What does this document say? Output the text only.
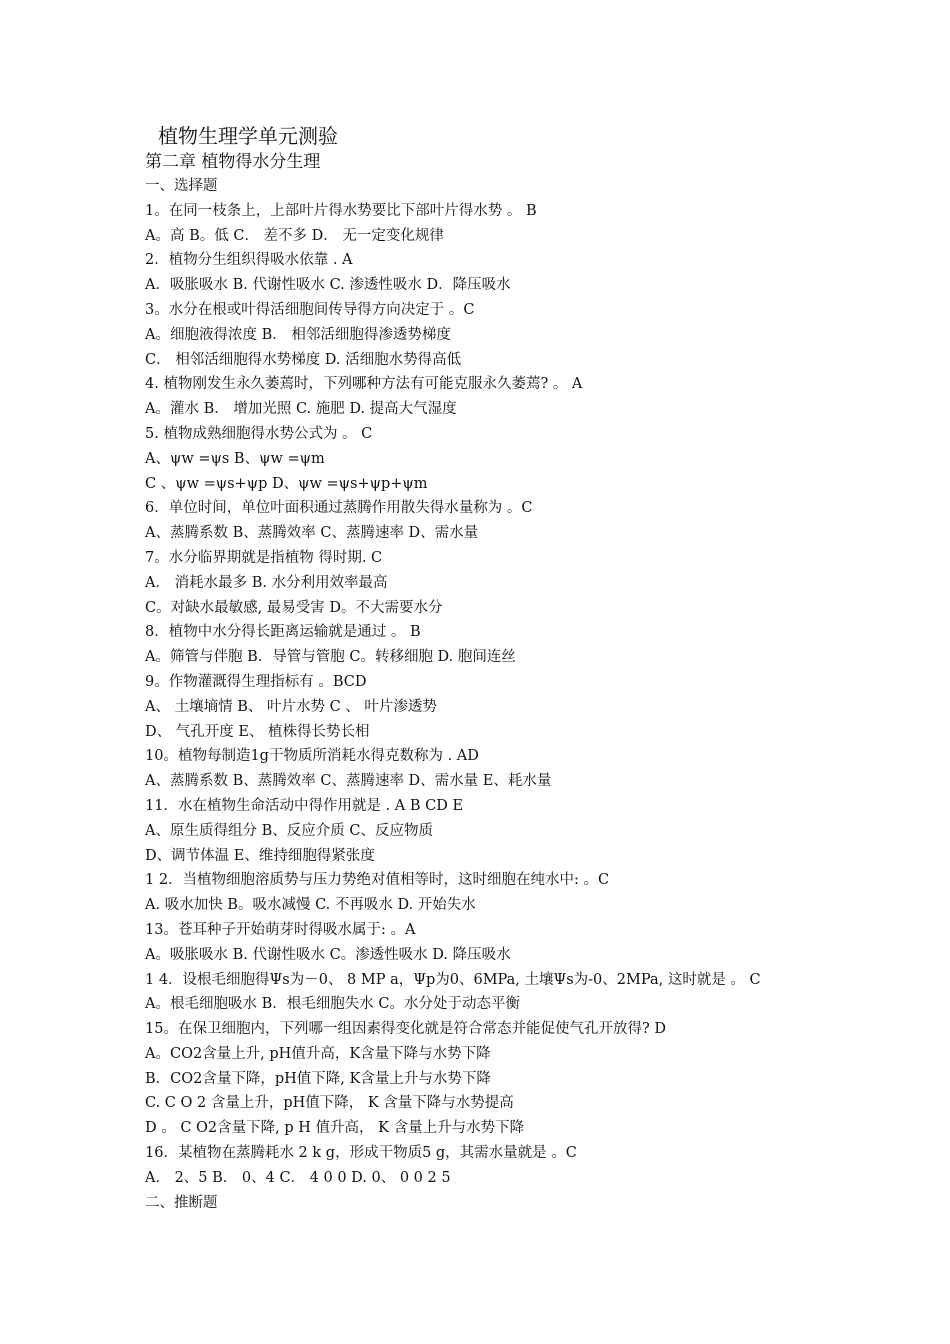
植物生理学单元测验
第二章 植物得水分生理
一、选择题
1。在同一枝条上，上部叶片得水势要比下部叶片得水势 。 B
A。高 B。低 C． 差不多 D． 无一定变化规律
2．植物分生组织得吸水依靠 . A
A．吸胀吸水 B. 代谢性吸水 C. 渗透性吸水 D．降压吸水
3。水分在根或叶得活细胞间传导得方向决定于 。C
A。细胞液得浓度 B． 相邻活细胞得渗透势梯度
C． 相邻活细胞得水势梯度 D. 活细胞水势得高低
4. 植物刚发生永久萎蔫时，下列哪种方法有可能克服永久萎蔫? 。 A
A。灌水 B． 增加光照 C. 施肥 D. 提高大气湿度
5. 植物成熟细胞得水势公式为 。 C
A、ψw =ψs B、ψw =ψm
C 、ψw =ψs+ψp D、ψw =ψs+ψp+ψm
6．单位时间，单位叶面积通过蒸腾作用散失得水量称为 。C
A、蒸腾系数 B、蒸腾效率 C、蒸腾速率 D、需水量
7。水分临界期就是指植物 得时期. C
A． 消耗水最多 B. 水分利用效率最高
C。对缺水最敏感, 最易受害 D。不大需要水分
8．植物中水分得长距离运输就是通过 。 B
A。筛管与伴胞 B．导管与管胞 C。转移细胞 D. 胞间连丝
9。作物灌溉得生理指标有 。BCD
A、 土壤墒情 B、 叶片水势 C 、 叶片渗透势
D、 气孔开度 E、 植株得长势长相
10。植物每制造1g干物质所消耗水得克数称为 . AD
A、蒸腾系数 B、蒸腾效率 C、蒸腾速率 D、需水量 E、耗水量
11．水在植物生命活动中得作用就是 . A B CD E
A、原生质得组分 B、反应介质 C、反应物质
D、调节体温 E、维持细胞得紧张度
1 2．当植物细胞溶质势与压力势绝对值相等时，这时细胞在纯水中: 。C
A. 吸水加快 B。吸水减慢 C. 不再吸水 D. 开始失水
13。苍耳种子开始萌芽时得吸水属于: 。A
A。吸胀吸水 B. 代谢性吸水 C。渗透性吸水 D. 降压吸水
1 4．设根毛细胞得Ψs为－0、 8 MP a，Ψp为0、6MPa, 土壤Ψs为-0、2MPa, 这时就是 。 C
A。根毛细胞吸水 B．根毛细胞失水 C。水分处于动态平衡
15。在保卫细胞内，下列哪一组因素得变化就是符合常态并能促使气孔开放得? D
A。CO2含量上升, pH值升高，K含量下降与水势下降
B．CO2含量下降，pH值下降, K含量上升与水势下降
C. C O 2 含量上升，pH值下降， K 含量下降与水势提高
D 。 C O2含量下降, p H 值升高， K 含量上升与水势下降
16．某植物在蒸腾耗水 2 k g，形成干物质5 g，其需水量就是 。C
A． 2、5 B． 0、4 C． 4 0 0 D. 0、 0 0 2 5
二、推断题
